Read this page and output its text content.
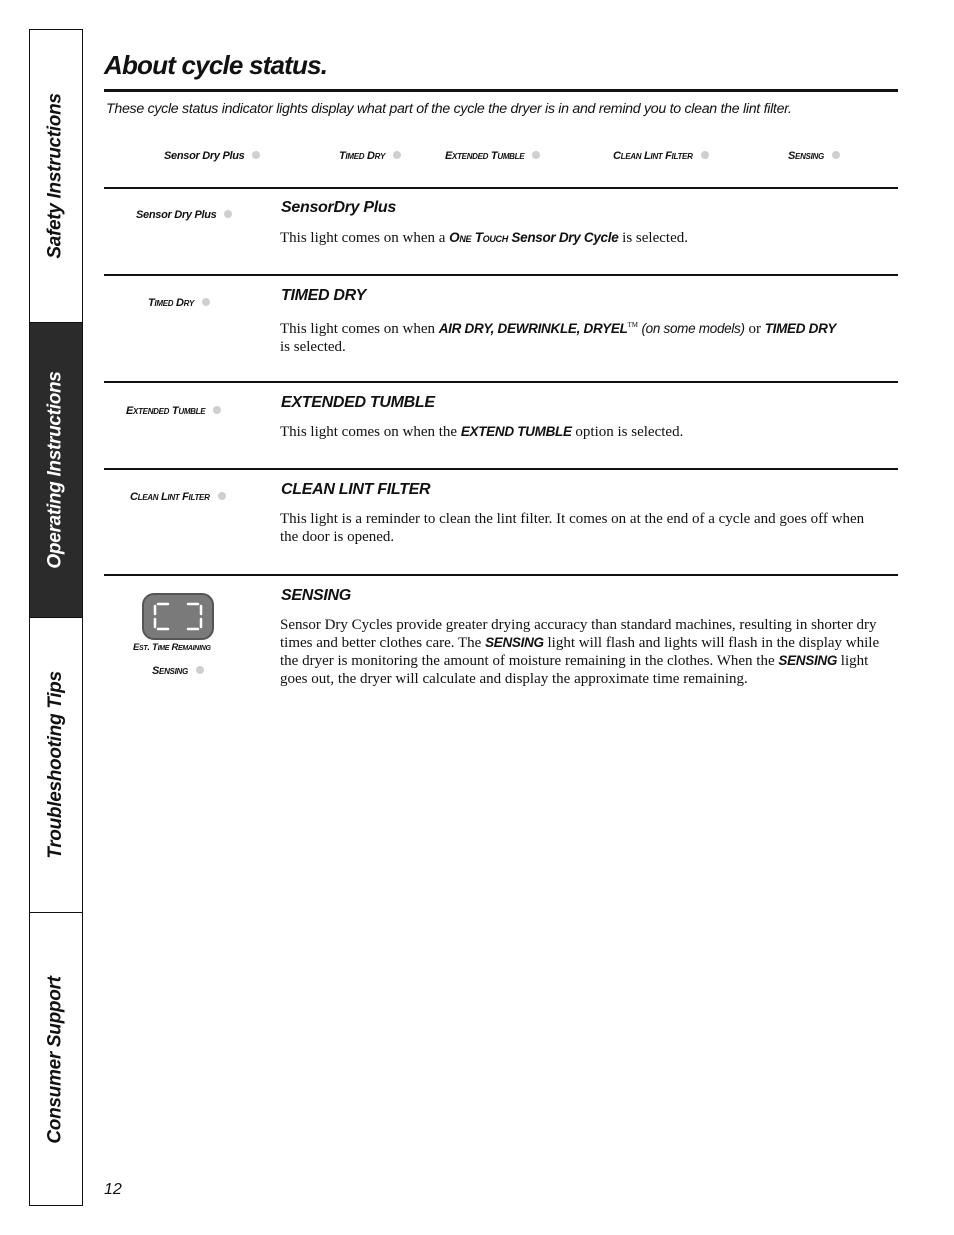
Safety Instructions
Operating Instructions
Troubleshooting Tips
Consumer Support
About cycle status.
These cycle status indicator lights display what part of the cycle the dryer is in and remind you to clean the lint filter.
Sensor Dry Plus	Timed Dry	Extended Tumble	Clean Lint Filter	Sensing
Sensor Dry Plus	SensorDry Plus
This light comes on when a One Touch Sensor Dry Cycle is selected.
Timed Dry	TIMED DRY
This light comes on when AIR DRY, DEWRINKLE, DRYEL™ (on some models) or TIMED DRY
is selected.
Extended Tumble	EXTENDED TUMBLE
This light comes on when the EXTEND TUMBLE option is selected.
Clean Lint Filter	CLEAN LINT FILTER
This light is a reminder to clean the lint filter. It comes on at the end of a cycle and goes off when the door is opened.
Est. Time Remaining
Sensing
SENSING
Sensor Dry Cycles provide greater drying accuracy than standard machines, resulting in shorter dry times and better clothes care. The SENSING light will flash and lights will flash in the display while the dryer is monitoring the amount of moisture remaining in the clothes. When the SENSING light goes out, the dryer will calculate and display the approximate time remaining.
12
